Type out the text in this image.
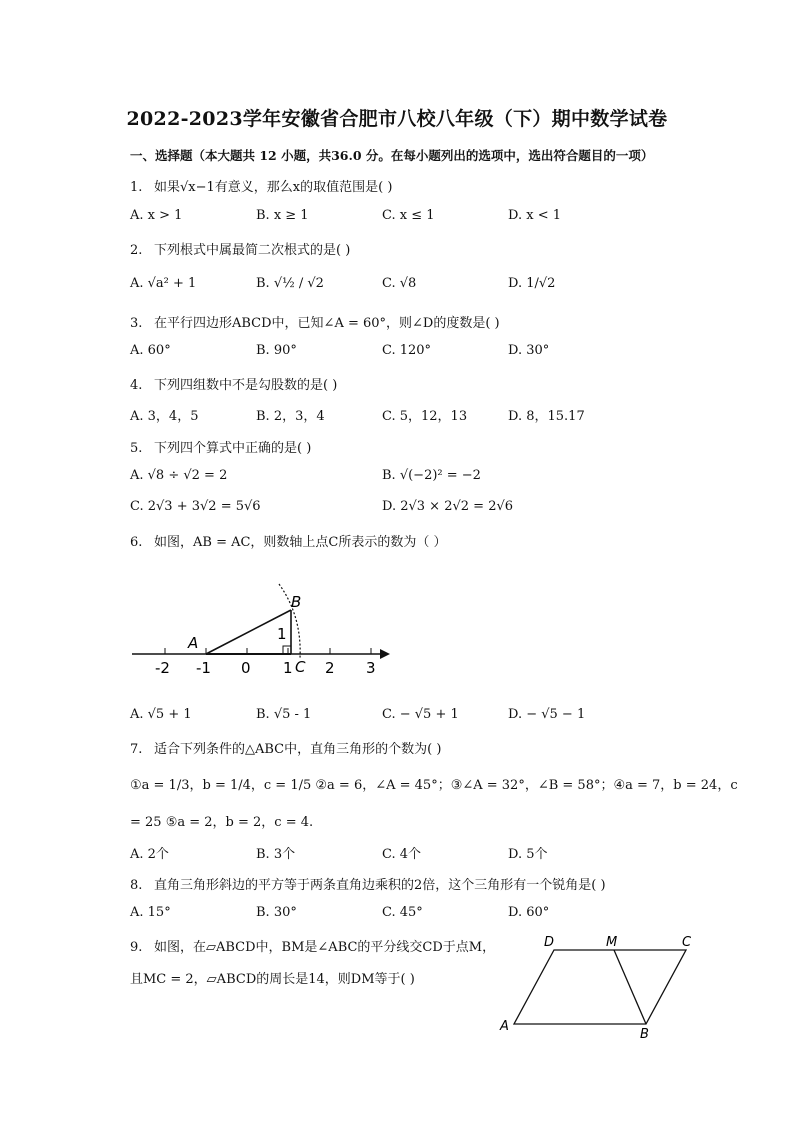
2022-2023学年安徽省合肥市八校八年级（下）期中数学试卷
一、选择题（本大题共 12 小题，共36.0 分。在每小题列出的选项中，选出符合题目的一项）
1. 如果√x−1有意义，那么x的取值范围是( )
A. x > 1	B. x ≥ 1	C. x ≤ 1	D. x < 1
2. 下列根式中属最简二次根式的是( )
A. √a² + 1	B. √½ / √2	C. √8	D. 1/√2
3. 在平行四边形ABCD中，已知∠A = 60°，则∠D的度数是( )
A. 60°	B. 90°	C. 120°	D. 30°
4. 下列四组数中不是勾股数的是( )
A. 3，4，5	B. 2，3，4	C. 5，12，13	D. 8，15.17
5. 下列四个算式中正确的是( )
A. √8 ÷ √2 = 2	B. √(−2)² = −2
C. 2√3 + 3√2 = 5√6	D. 2√3 × 2√2 = 2√6
6. 如图，AB = AC，则数轴上点C所表示的数为（ ）
-2 -1 0 1 2 3
A
B
C
1
A. √5 + 1	B. √5 - 1	C. − √5 + 1	D. − √5 − 1
7. 适合下列条件的△ABC中，直角三角形的个数为( )
①a = 1/3，b = 1/4，c = 1/5 ②a = 6，∠A = 45°；③∠A = 32°，∠B = 58°；④a = 7，b = 24，c
= 25 ⑤a = 2，b = 2，c = 4.
A. 2个	B. 3个	C. 4个	D. 5个
8. 直角三角形斜边的平方等于两条直角边乘积的2倍，这个三角形有一个锐角是( )
A. 15°	B. 30°	C. 45°	D. 60°
9. 如图，在▱ABCD中，BM是∠ABC的平分线交CD于点M，
且MC = 2，▱ABCD的周长是14，则DM等于( )
D	M	C
A
B
